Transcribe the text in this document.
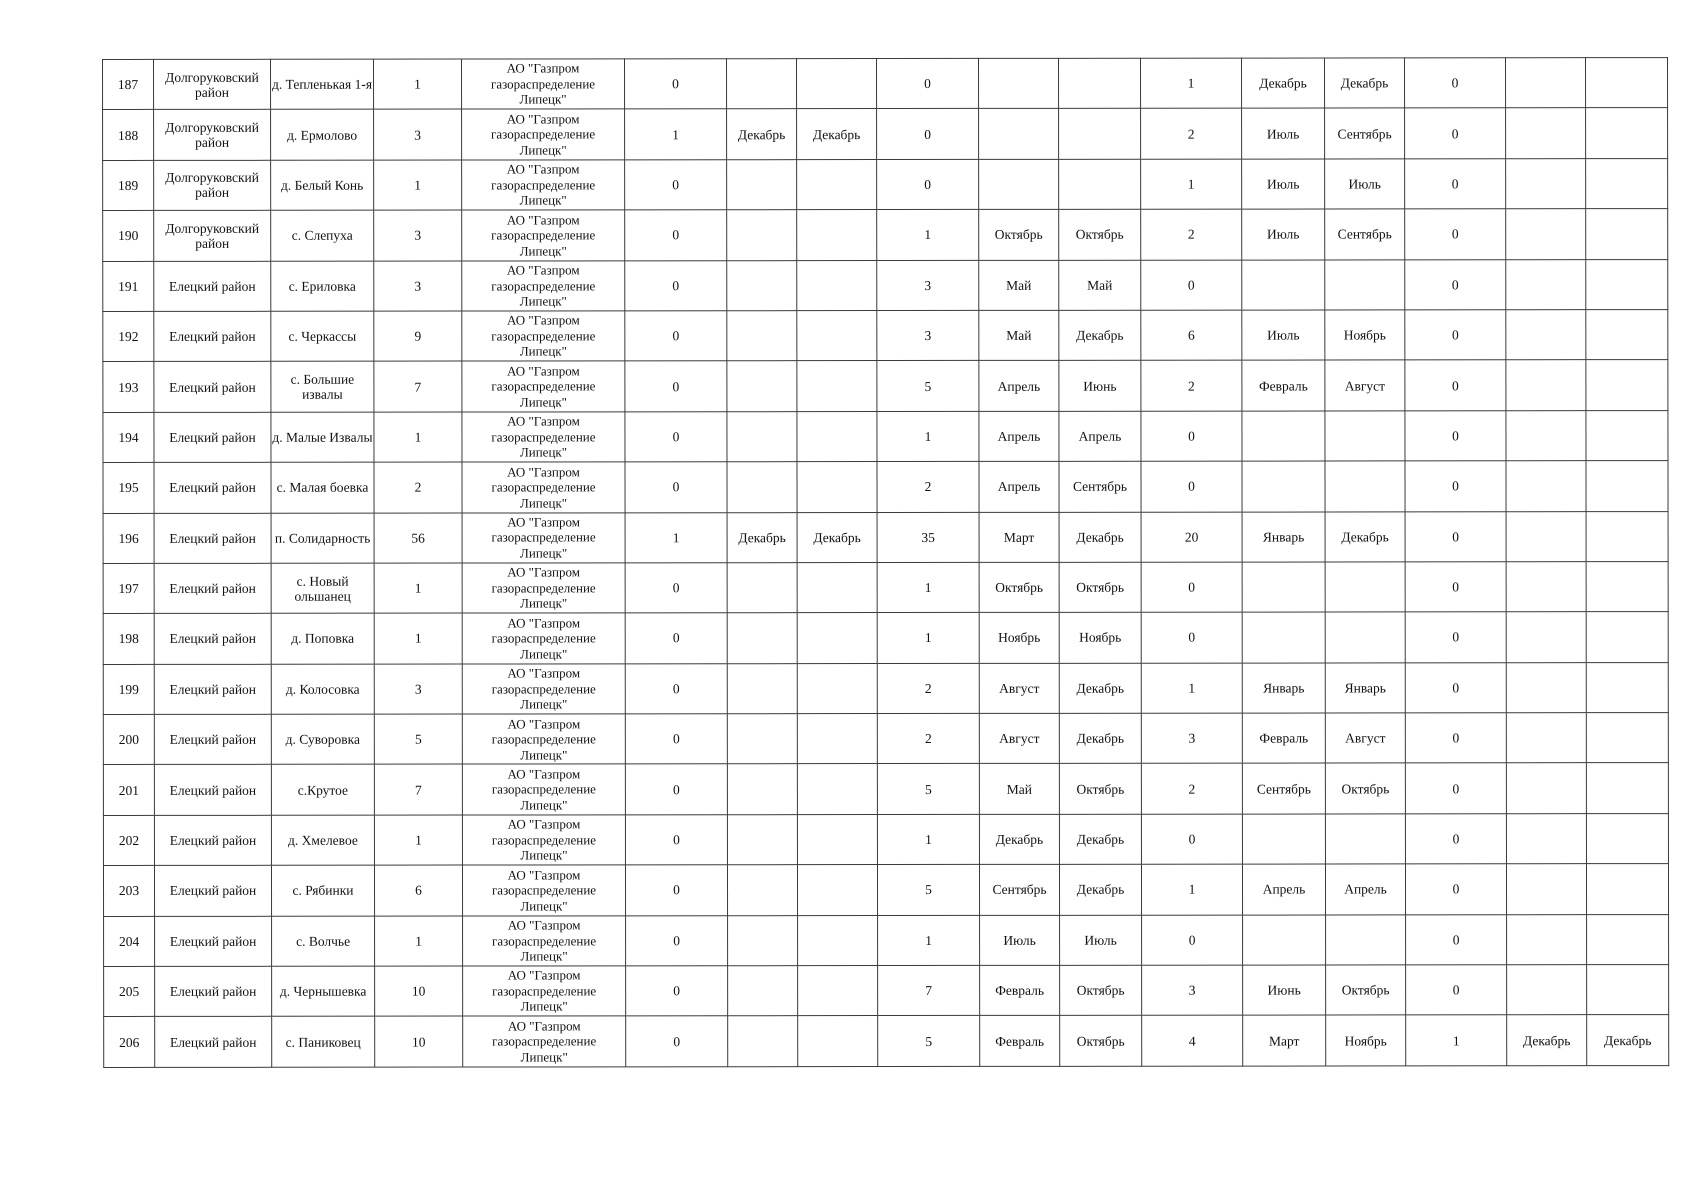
187	Долгоруковский район	д. Тепленькая 1-я	1	АО "Газпром
газораспределение
Липецк"	0			0			1	Декабрь	Декабрь	0		
188	Долгоруковский район	д. Ермолово	3	АО "Газпром
газораспределение
Липецк"	1	Декабрь	Декабрь	0			2	Июль	Сентябрь	0		
189	Долгоруковский район	д. Белый Конь	1	АО "Газпром
газораспределение
Липецк"	0			0			1	Июль	Июль	0		
190	Долгоруковский район	с. Слепуха	3	АО "Газпром
газораспределение
Липецк"	0			1	Октябрь	Октябрь	2	Июль	Сентябрь	0		
191	Елецкий район	с. Ериловка	3	АО "Газпром
газораспределение
Липецк"	0			3	Май	Май	0			0		
192	Елецкий район	с. Черкассы	9	АО "Газпром
газораспределение
Липецк"	0			3	Май	Декабрь	6	Июль	Ноябрь	0		
193	Елецкий район	с. Большие извалы	7	АО "Газпром
газораспределение
Липецк"	0			5	Апрель	Июнь	2	Февраль	Август	0		
194	Елецкий район	д. Малые Извалы	1	АО "Газпром
газораспределение
Липецк"	0			1	Апрель	Апрель	0			0		
195	Елецкий район	с. Малая боевка	2	АО "Газпром
газораспределение
Липецк"	0			2	Апрель	Сентябрь	0			0		
196	Елецкий район	п. Солидарность	56	АО "Газпром
газораспределение
Липецк"	1	Декабрь	Декабрь	35	Март	Декабрь	20	Январь	Декабрь	0		
197	Елецкий район	с. Новый ольшанец	1	АО "Газпром
газораспределение
Липецк"	0			1	Октябрь	Октябрь	0			0		
198	Елецкий район	д. Поповка	1	АО "Газпром
газораспределение
Липецк"	0			1	Ноябрь	Ноябрь	0			0		
199	Елецкий район	д. Колосовка	3	АО "Газпром
газораспределение
Липецк"	0			2	Август	Декабрь	1	Январь	Январь	0		
200	Елецкий район	д. Суворовка	5	АО "Газпром
газораспределение
Липецк"	0			2	Август	Декабрь	3	Февраль	Август	0		
201	Елецкий район	с.Крутое	7	АО "Газпром
газораспределение
Липецк"	0			5	Май	Октябрь	2	Сентябрь	Октябрь	0		
202	Елецкий район	д. Хмелевое	1	АО "Газпром
газораспределение
Липецк"	0			1	Декабрь	Декабрь	0			0		
203	Елецкий район	с. Рябинки	6	АО "Газпром
газораспределение
Липецк"	0			5	Сентябрь	Декабрь	1	Апрель	Апрель	0		
204	Елецкий район	с. Волчье	1	АО "Газпром
газораспределение
Липецк"	0			1	Июль	Июль	0			0		
205	Елецкий район	д. Чернышевка	10	АО "Газпром
газораспределение
Липецк"	0			7	Февраль	Октябрь	3	Июнь	Октябрь	0		
206	Елецкий район	с. Паниковец	10	АО "Газпром
газораспределение
Липецк"	0			5	Февраль	Октябрь	4	Март	Ноябрь	1	Декабрь	Декабрь
